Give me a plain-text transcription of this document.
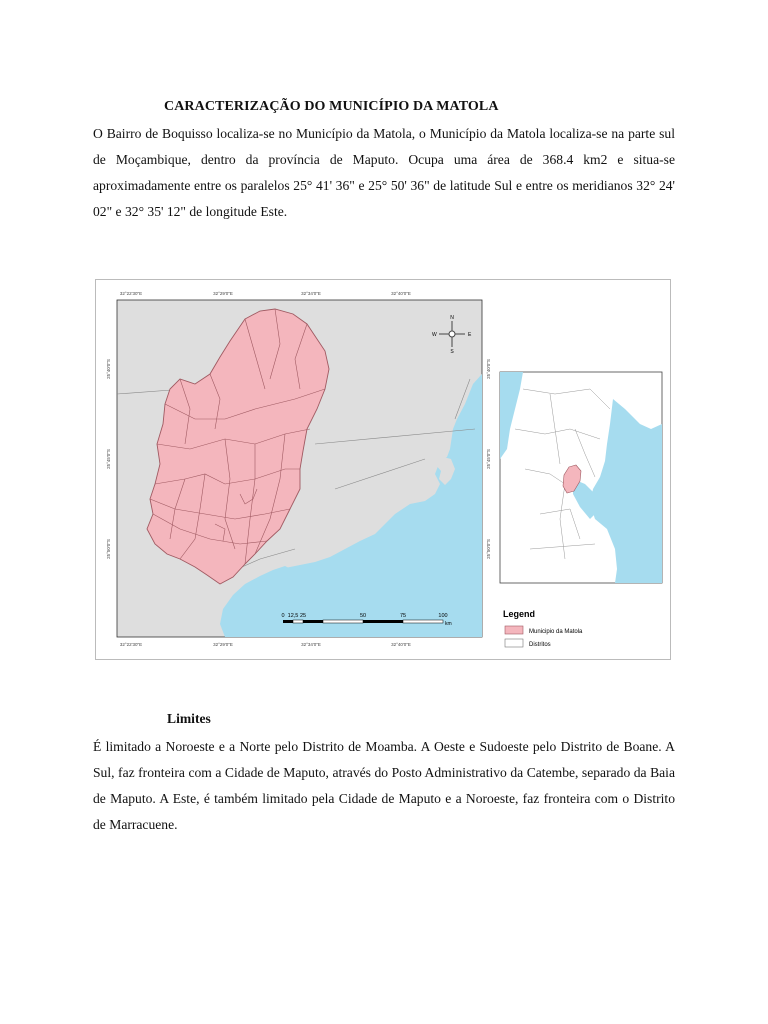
CARACTERIZAÇÃO DO MUNICÍPIO DA MATOLA

O Bairro de Boquisso localiza-se no Município da Matola, o Município da Matola localiza-se na parte sul de Moçambique, dentro da província de Maputo. Ocupa uma área de 368.4 km2 e situa-se aproximadamente entre os paralelos 25° 41' 36" e 25° 50' 36" de latitude Sul e entre os meridianos 32° 24' 02" e 32° 35' 12" de longitude Este.

N
S
E
W
0 12,5 25	50	75	100
km
32°22'30"E	32°29'0"E	32°34'0"E	32°40'0"E
32°22'30"E	32°29'0"E	32°34'0"E	32°40'0"E
25°40'0"S
25°45'0"S
25°50'0"S
25°40'0"S
25°45'0"S
25°50'0"S
Legend
Municipio da Matola
Distritos
Limites

É limitado a Noroeste e a Norte pelo Distrito de Moamba. A Oeste e Sudoeste pelo Distrito de Boane. A Sul, faz fronteira com a Cidade de Maputo, através do Posto Administrativo da Catembe, separado da Baia de Maputo. A Este, é também limitado pela Cidade de Maputo e a Noroeste, faz fronteira com o Distrito de Marracuene.
